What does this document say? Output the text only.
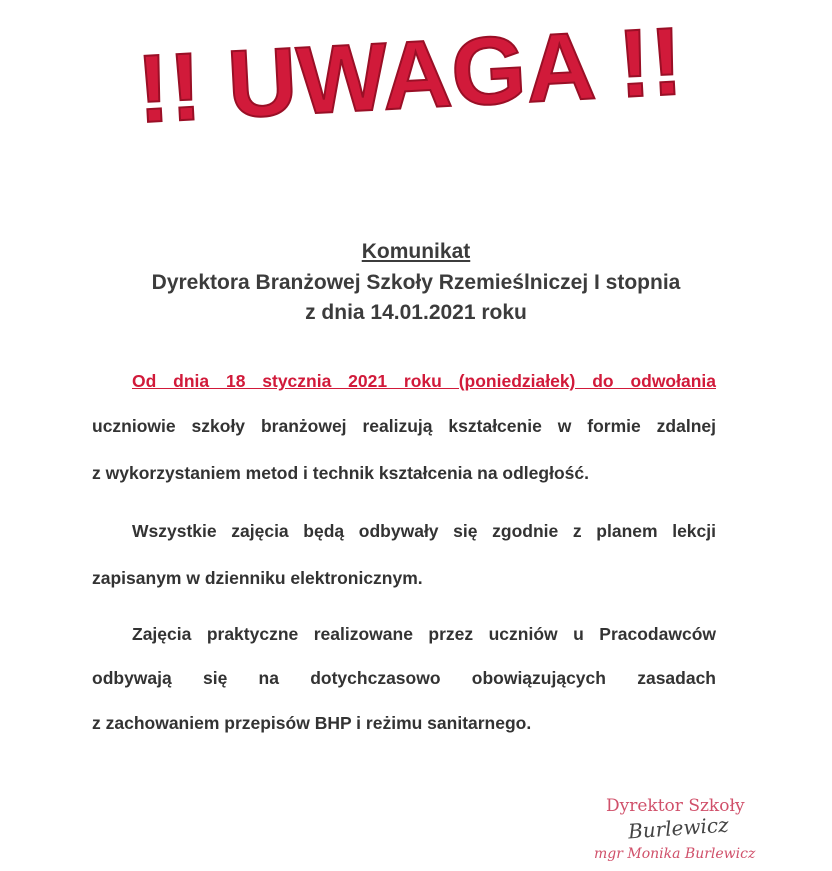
!! UWAGA !!
Komunikat
Dyrektora Branżowej Szkoły Rzemieślniczej I stopnia
z dnia 14.01.2021 roku
Od dnia 18 stycznia 2021 roku (poniedziałek) do odwołania
uczniowie szkoły branżowej realizują kształcenie w formie zdalnej
z wykorzystaniem metod i technik kształcenia na odległość.
Wszystkie zajęcia będą odbywały się zgodnie z planem lekcji
zapisanym w dzienniku elektronicznym.
Zajęcia praktyczne realizowane przez uczniów u Pracodawców
odbywają się na dotychczasowo obowiązujących zasadach
z zachowaniem przepisów BHP i reżimu sanitarnego.
Dyrektor Szkoły
Burlewicz
mgr Monika Burlewicz
